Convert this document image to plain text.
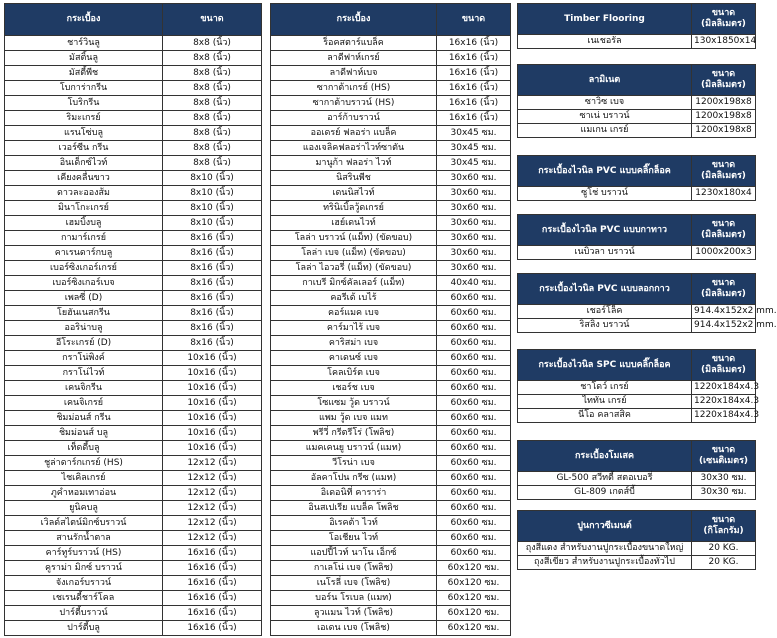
กระเบื้อง	ขนาด
ชาร์วินลู	8x8 (นิ้ว)
มัสติ้นลู	8x8 (นิ้ว)
มัสตี้พีช	8x8 (นิ้ว)
โบการ่ากรีน	8x8 (นิ้ว)
โบริกรีน	8x8 (นิ้ว)
ริมะเกรย์	8x8 (นิ้ว)
แรนโซ่บลู	8x8 (นิ้ว)
เวอร์ซีน กรีน	8x8 (นิ้ว)
อินเด็กซ์ไวท์	8x8 (นิ้ว)
เคียงคลื่นขาว	8x10 (นิ้ว)
ดาวละอองส้ม	8x10 (นิ้ว)
มินาโกะเกรย์	8x10 (นิ้ว)
เฮมบิ้งบลู	8x10 (นิ้ว)
กามาร์เกรย์	8x16 (นิ้ว)
คาเรนดาร์กบลู	8x16 (นิ้ว)
เบอร์ซิงเกอร์เกรย์	8x16 (นิ้ว)
เบอร์ซิงเกอร์เบจ	8x16 (นิ้ว)
เพลซี่ (D)	8x16 (นิ้ว)
โยฮันเนสกรีน	8x16 (นิ้ว)
ออริน่าบลู	8x16 (นิ้ว)
อีโระเกรย์ (D)	8x16 (นิ้ว)
กราโน่พิงค์	10x16 (นิ้ว)
กราโน่ไวท์	10x16 (นิ้ว)
เคนจิกรีน	10x16 (นิ้ว)
เคนจิเกรย์	10x16 (นิ้ว)
ชิมม่อนส์ กรีน	10x16 (นิ้ว)
ชิมม่อนส์ บลู	10x16 (นิ้ว)
เท็ดดี้บลู	10x16 (นิ้ว)
ชูล่าดาร์กเกรย์ (HS)	12x12 (นิ้ว)
ไชเคิลเกรย์	12x12 (นิ้ว)
ภูคำหอมเทาอ่อน	12x12 (นิ้ว)
ยูนิคบลู	12x12 (นิ้ว)
เวิลด์สไตน์มิกซ์บราวน์	12x12 (นิ้ว)
สานรักน้ำตาล	12x12 (นิ้ว)
คาร์ทูร์บราวน์ (HS)	16x16 (นิ้ว)
คูราม่า มิกซ์ บราวน์	16x16 (นิ้ว)
จังเกอร์บราวน์	16x16 (นิ้ว)
เชเรนดี้ชาร์โคล	16x16 (นิ้ว)
ปาร์ตี้บราวน์	16x16 (นิ้ว)
ปาร์ตี้บลู	16x16 (นิ้ว)
กระเบื้อง	ขนาด
ร็อคสตาร์แบล็ค	16x16 (นิ้ว)
ลาดีฟาห์เกรย์	16x16 (นิ้ว)
ลาดีฟาห์เบจ	16x16 (นิ้ว)
ซากาต้าเกรย์ (HS)	16x16 (นิ้ว)
ซากาต้าบราวน์ (HS)	16x16 (นิ้ว)
อาร์ก้าบราวน์	16x16 (นิ้ว)
ออเดรย์ ฟลอร่า แบล็ค	30x45 ซม.
แองเจลิคฟลอร่าไวท์ซาตัน	30x45 ซม.
มานูก้า ฟลอร่า ไวท์	30x45 ซม.
นิสรินพีช	30x60 ซม.
เดนนิสไวท์	30x60 ซม.
ทรินิเบิ้ลวู้ดเกรย์	30x60 ซม.
เฮย์เดนไวท์	30x60 ซม.
โลล่า บราวน์ (แม็ท) (ขัดขอบ)	30x60 ซม.
โลล่า เบจ (แม็ท) (ขัดขอบ)	30x60 ซม.
โลล่า ไอวอรี่ (แม็ท) (ขัดขอบ)	30x60 ซม.
กาเบรี มิกซ์คัลเลอร์ (แม็ท)	40x40 ซม.
คอรีเด้ เบไร้	60x60 ซม.
คอร์แมค เบจ	60x60 ซม.
คาร์มาไร้ เบจ	60x60 ซม.
คาริสม่า เบจ	60x60 ซม.
คาเดนซ์ เบจ	60x60 ซม.
โคลเบิร์ต เบจ	60x60 ซม.
เชอร์ช เบจ	60x60 ซม.
โซแซม วู้ด บราวน์	60x60 ซม.
แพม วู้ด เบจ แมท	60x60 ซม.
พรีวี่ กรีตรีโร่ (โพลิช)	60x60 ซม.
แมคเคนยู บราวน์ (แมท)	60x60 ซม.
วีโรน่า เบจ	60x60 ซม.
อัลคาโปน กรีซ (แมท)	60x60 ซม.
อิเดอนิที่ คาราร่า	60x60 ซม.
อินสเปเรีย แบล็ค โพลิช	60x60 ซม.
อิเรคต้า ไวท์	60x60 ซม.
โอเชียน ไวท์	60x60 ซม.
แอปปี้ไวท์ นาโน เอ็กซ์	60x60 ซม.
กาเลโน่ เบจ (โพลิช)	60x120 ซม.
เนโรลี่ เบจ (โพลิช)	60x120 ซม.
บอร์น โรเบล (แมท)	60x120 ซม.
ลูวแมน ไวท์ (โพลิช)	60x120 ซม.
เอเดน เบจ (โพลิช)	60x120 ซม.
Timber Flooring	ขนาด
(มิลลิเมตร)

เนเชอรัล	130x1850x14
ลามิเนต	ขนาด
(มิลลิเมตร)

ซาวิซ เบจ	1200x198x8
ซาเน่ บราวน์	1200x198x8
แมเกน เกรย์	1200x198x8
กระเบื้องไวนิล PVC แบบคลิ๊กล็อค	ขนาด
(มิลลิเมตร)

ซูโช่ บราวน์	1230x180x4
กระเบื้องไวนิล PVC แบบกาทาว	ขนาด
(มิลลิเมตร)

เนบิวลา บราวน์	1000x200x3
กระเบื้องไวนิล PVC แบบลอกกาว	ขนาด
(มิลลิเมตร)

เชอร์โล็ค	914.4x152x2 mm.
ริสลิง บราวน์	914.4x152x2 mm.
กระเบื้องไวนิล SPC แบบคลิ๊กล็อค	ขนาด
(มิลลิเมตร)

ชาโดว์ เกรย์	1220x184x4.3
ไททัน เกรย์	1220x184x4.3
นีโอ คลาสสิค	1220x184x4.3
กระเบื้องโมเสค	ขนาด
(เซนติเมตร)

GL-500 สวีทตี้ สตอเบอรี่	30x30 ซม.
GL-809 เกตส์บี้	30x30 ซม.
ปูนกาวซีเมนต์	ขนาด
(กิโลกรัม)

ถุงสีแดง สำหรับงานปูกระเบื้องขนาดใหญ่	20 KG.
ถุงสีเขียว สำหรับงานปูกระเบื้องทั่วไป	20 KG.
